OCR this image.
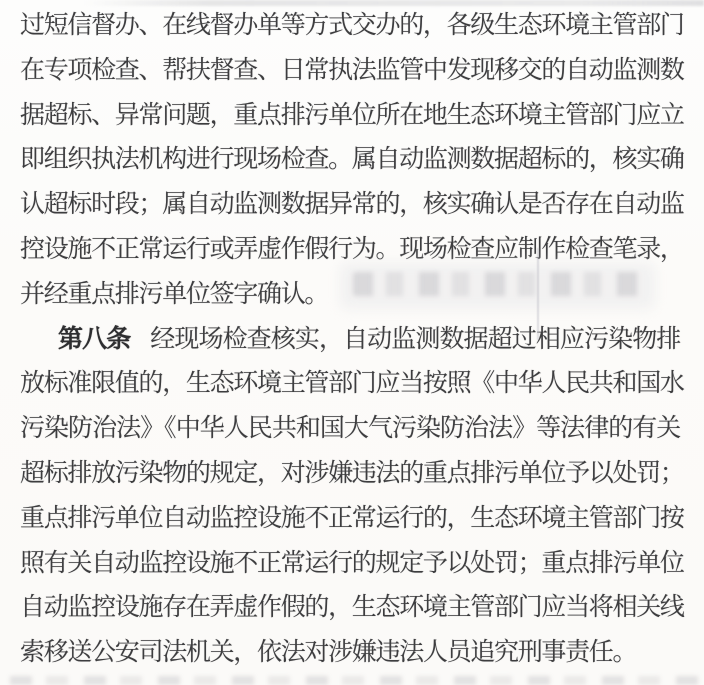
过短信督办、在线督办单等方式交办的，各级生态环境主管部门
在专项检查、帮扶督查、日常执法监管中发现移交的自动监测数
据超标、异常问题，重点排污单位所在地生态环境主管部门应立
即组织执法机构进行现场检查。属自动监测数据超标的，核实确
认超标时段；属自动监测数据异常的，核实确认是否存在自动监
控设施不正常运行或弄虚作假行为。现场检查应制作检查笔录，
并经重点排污单位签字确认。
第八条 经现场检查核实，自动监测数据超过相应污染物排
放标准限值的，生态环境主管部门应当按照《中华人民共和国水
污染防治法》《中华人民共和国大气污染防治法》等法律的有关
超标排放污染物的规定，对涉嫌违法的重点排污单位予以处罚；
重点排污单位自动监控设施不正常运行的，生态环境主管部门按
照有关自动监控设施不正常运行的规定予以处罚；重点排污单位
自动监控设施存在弄虚作假的，生态环境主管部门应当将相关线
索移送公安司法机关，依法对涉嫌违法人员追究刑事责任。
